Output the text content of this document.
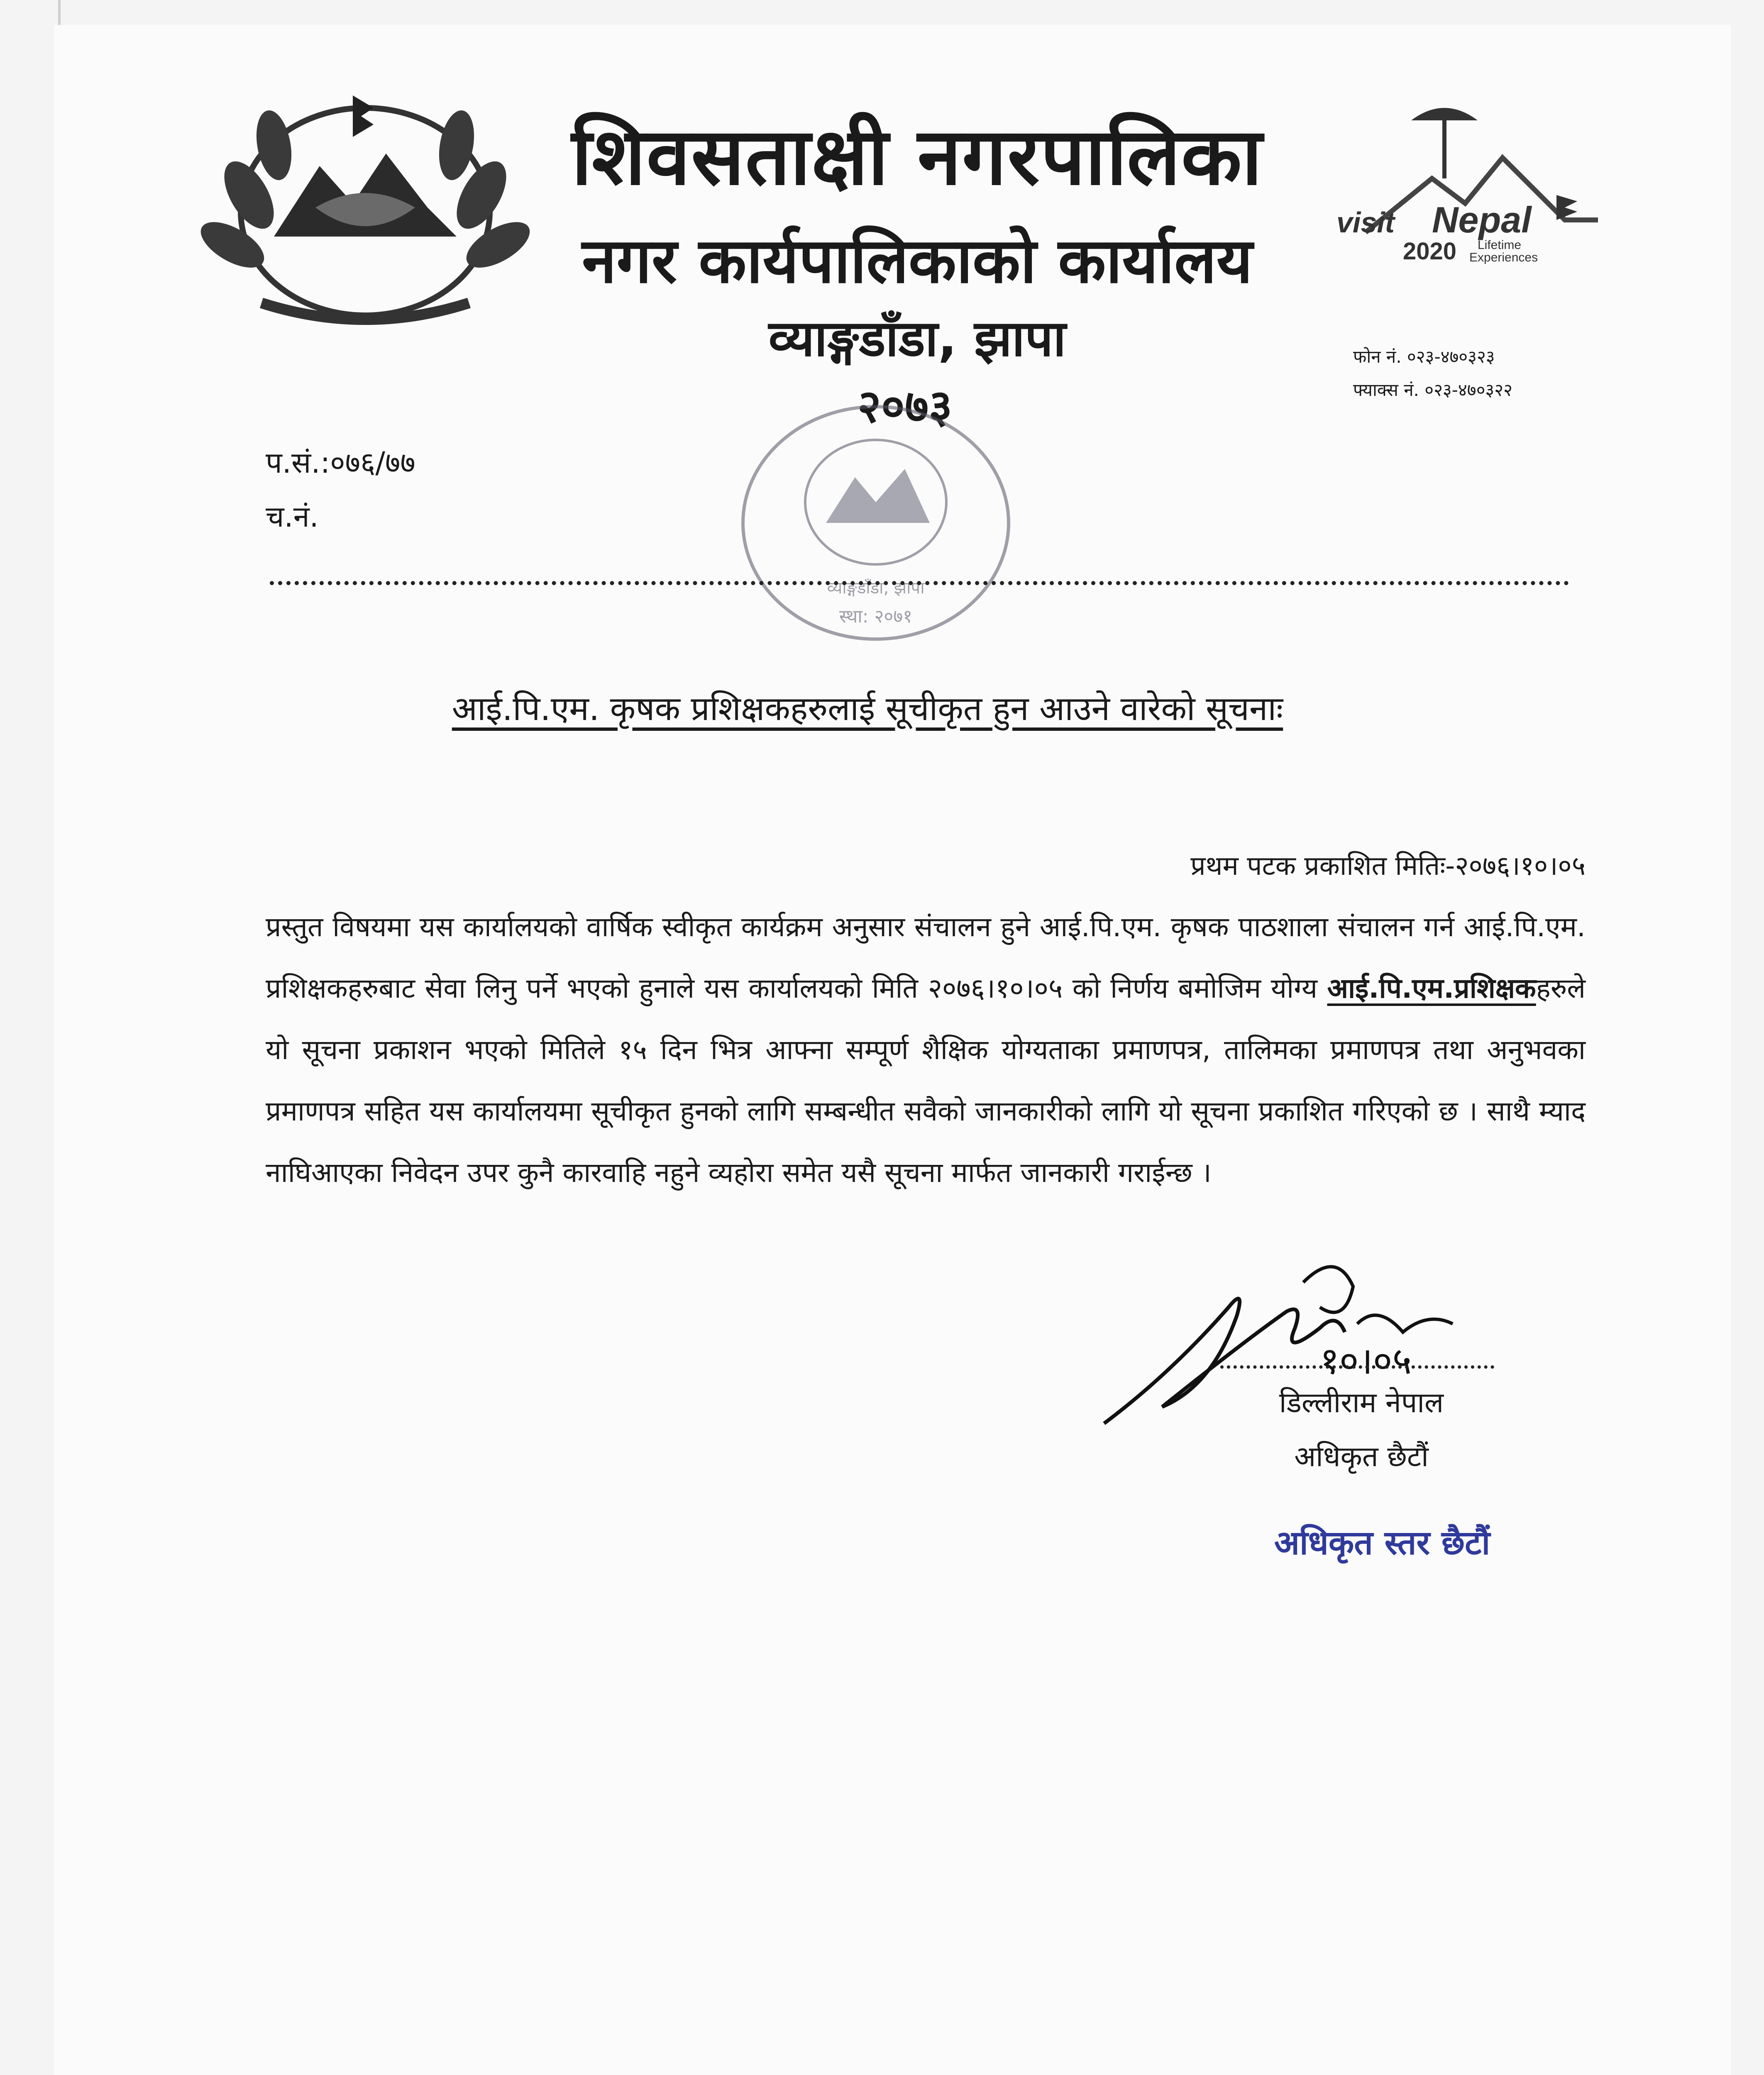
शिवसताक्षी नगरपालिका
नगर कार्यपालिकाको कार्यालय
व्याङ्गडाँडा, झापा
२०७३
visit Nepal
2020 Lifetime
Experiences
फोन नं. ०२३-४७०३२३
फ्याक्स नं. ०२३-४७०३२२
प.सं.:०७६/७७
च.नं.
व्याङ्गडाँडा, झापा
स्था: २०७१
आई.पि.एम. कृषक प्रशिक्षकहरुलाई सूचीकृत हुन आउने वारेको सूचनाः
प्रथम पटक प्रकाशित मितिः-२०७६।१०।०५
प्रस्तुत विषयमा यस कार्यालयको वार्षिक स्वीकृत कार्यक्रम अनुसार संचालन हुने आई.पि.एम. कृषक पाठशाला संचालन गर्न आई.पि.एम. प्रशिक्षकहरुबाट सेवा लिनु पर्ने भएको हुनाले यस कार्यालयको मिति २०७६।१०।०५ को निर्णय बमोजिम योग्य आई.पि.एम.प्रशिक्षकहरुले यो सूचना प्रकाशन भएको मितिले १५ दिन भित्र आफ्ना सम्पूर्ण शैक्षिक योग्यताका प्रमाणपत्र, तालिमका प्रमाणपत्र तथा अनुभवका प्रमाणपत्र सहित यस कार्यालयमा सूचीकृत हुनको लागि सम्बन्धीत सवैको जानकारीको लागि यो सूचना प्रकाशित गरिएको छ । साथै म्याद नाघिआएका निवेदन उपर कुनै कारवाहि नहुने व्यहोरा समेत यसै सूचना मार्फत जानकारी गराईन्छ ।
१०।०५
डिल्लीराम नेपाल
अधिकृत छैटौं
अधिकृत स्तर छैटौं
